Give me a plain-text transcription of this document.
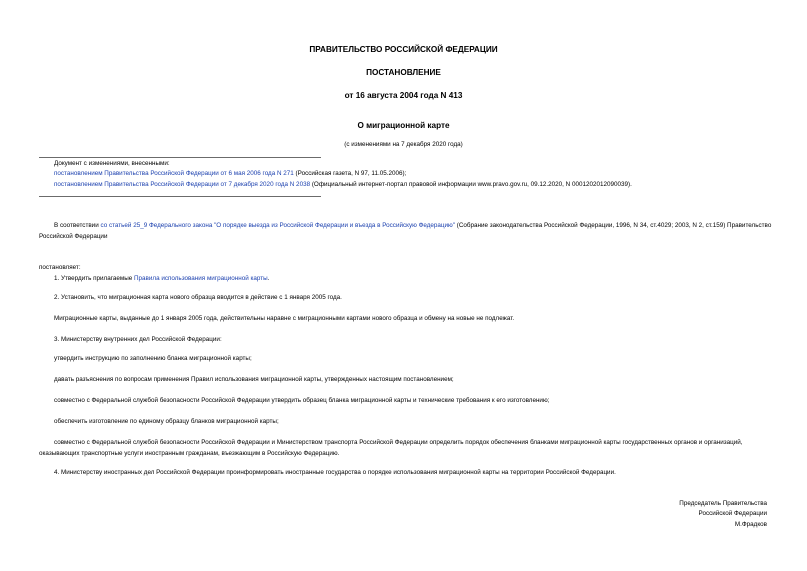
ПРАВИТЕЛЬСТВО РОССИЙСКОЙ ФЕДЕРАЦИИ
ПОСТАНОВЛЕНИЕ
от 16 августа 2004 года N 413
О миграционной карте
(с изменениями на 7 декабря 2020 года)
Документ с изменениями, внесенными:
постановлением Правительства Российской Федерации от 6 мая 2006 года N 271 (Российская газета, N 97, 11.05.2006);
постановлением Правительства Российской Федерации от 7 декабря 2020 года N 2038 (Официальный интернет-портал правовой информации www.pravo.gov.ru, 09.12.2020, N 0001202012090039).
В соответствии со статьей 25_9 Федерального закона "О порядке выезда из Российской Федерации и въезда в Российскую Федерацию" (Собрание законодательства Российской Федерации, 1996, N 34, ст.4029; 2003, N 2, ст.159) Правительство Российской Федерации
постановляет:
1. Утвердить прилагаемые Правила использования миграционной карты.
2. Установить, что миграционная карта нового образца вводится в действие с 1 января 2005 года.
Миграционные карты, выданные до 1 января 2005 года, действительны наравне с миграционными картами нового образца и обмену на новые не подлежат.
3. Министерству внутренних дел Российской Федерации:
утвердить инструкцию по заполнению бланка миграционной карты;
давать разъяснения по вопросам применения Правил использования миграционной карты, утвержденных настоящим постановлением;
совместно с Федеральной службой безопасности Российской Федерации утвердить образец бланка миграционной карты и технические требования к его изготовлению;
обеспечить изготовление по единому образцу бланков миграционной карты;
совместно с Федеральной службой безопасности Российской Федерации и Министерством транспорта Российской Федерации определить порядок обеспечения бланками миграционной карты государственных органов и организаций, оказывающих транспортные услуги иностранным гражданам, въезжающим в Российскую Федерацию.
4. Министерству иностранных дел Российской Федерации проинформировать иностранные государства о порядке использования миграционной карты на территории Российской Федерации.
Председатель Правительства
Российской Федерации
М.Фрадков
